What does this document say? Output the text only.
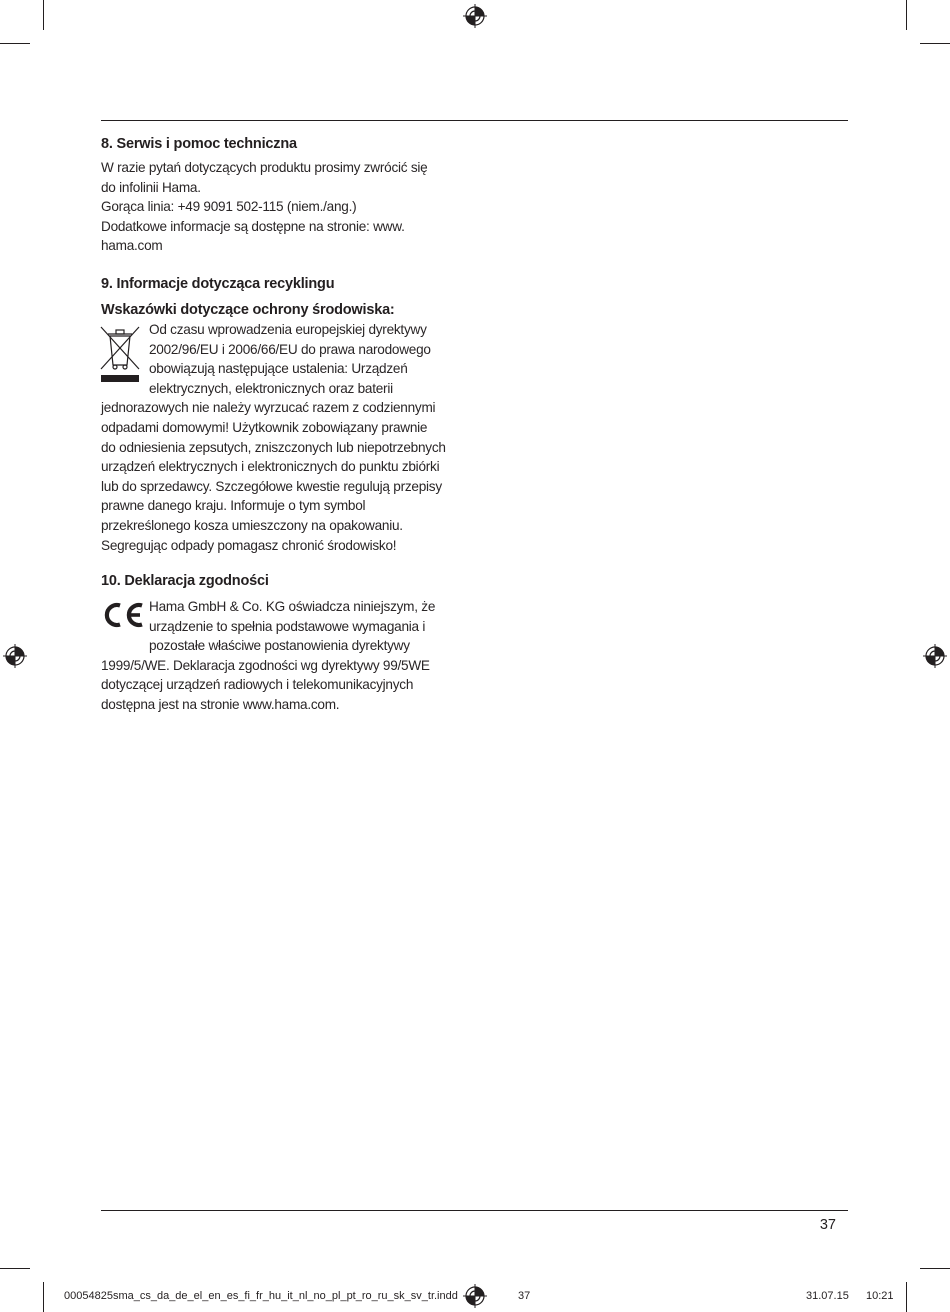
8. Serwis i pomoc techniczna

W razie pytań dotyczących produktu prosimy zwrócić się

do infolinii Hama.

Gorąca linia: +49 9091 502-115 (niem./ang.)

Dodatkowe informacje są dostępne na stronie: www.

hama.com

9. Informacje dotycząca recyklingu
Wskazówki dotyczące ochrony środowiska:

Od czasu wprowadzenia europejskiej dyrektywy

2002/96/EU i 2006/66/EU do prawa narodowego

obowiązują następujące ustalenia: Urządzeń

elektrycznych, elektronicznych oraz baterii

jednorazowych nie należy wyrzucać razem z codziennymi

odpadami domowymi! Użytkownik zobowiązany prawnie

do odniesienia zepsutych, zniszczonych lub niepotrzebnych

urządzeń elektrycznych i elektronicznych do punktu zbiórki

lub do sprzedawcy. Szczegółowe kwestie regulują przepisy

prawne danego kraju. Informuje o tym symbol

przekreślonego kosza umieszczony na opakowaniu.

Segregując odpady pomagasz chronić środowisko!

10. Deklaracja zgodności

Hama GmbH & Co. KG oświadcza niniejszym, że

urządzenie to spełnia podstawowe wymagania i

pozostałe właściwe postanowienia dyrektywy

1999/5/WE. Deklaracja zgodności wg dyrektywy 99/5WE

dotyczącej urządzeń radiowych i telekomunikacyjnych

dostępna jest na stronie www.hama.com.

37
00054825sma_cs_da_de_el_en_es_fi_fr_hu_it_nl_no_pl_pt_ro_ru_sk_sv_tr.indd	37	31.07.15 10:21
